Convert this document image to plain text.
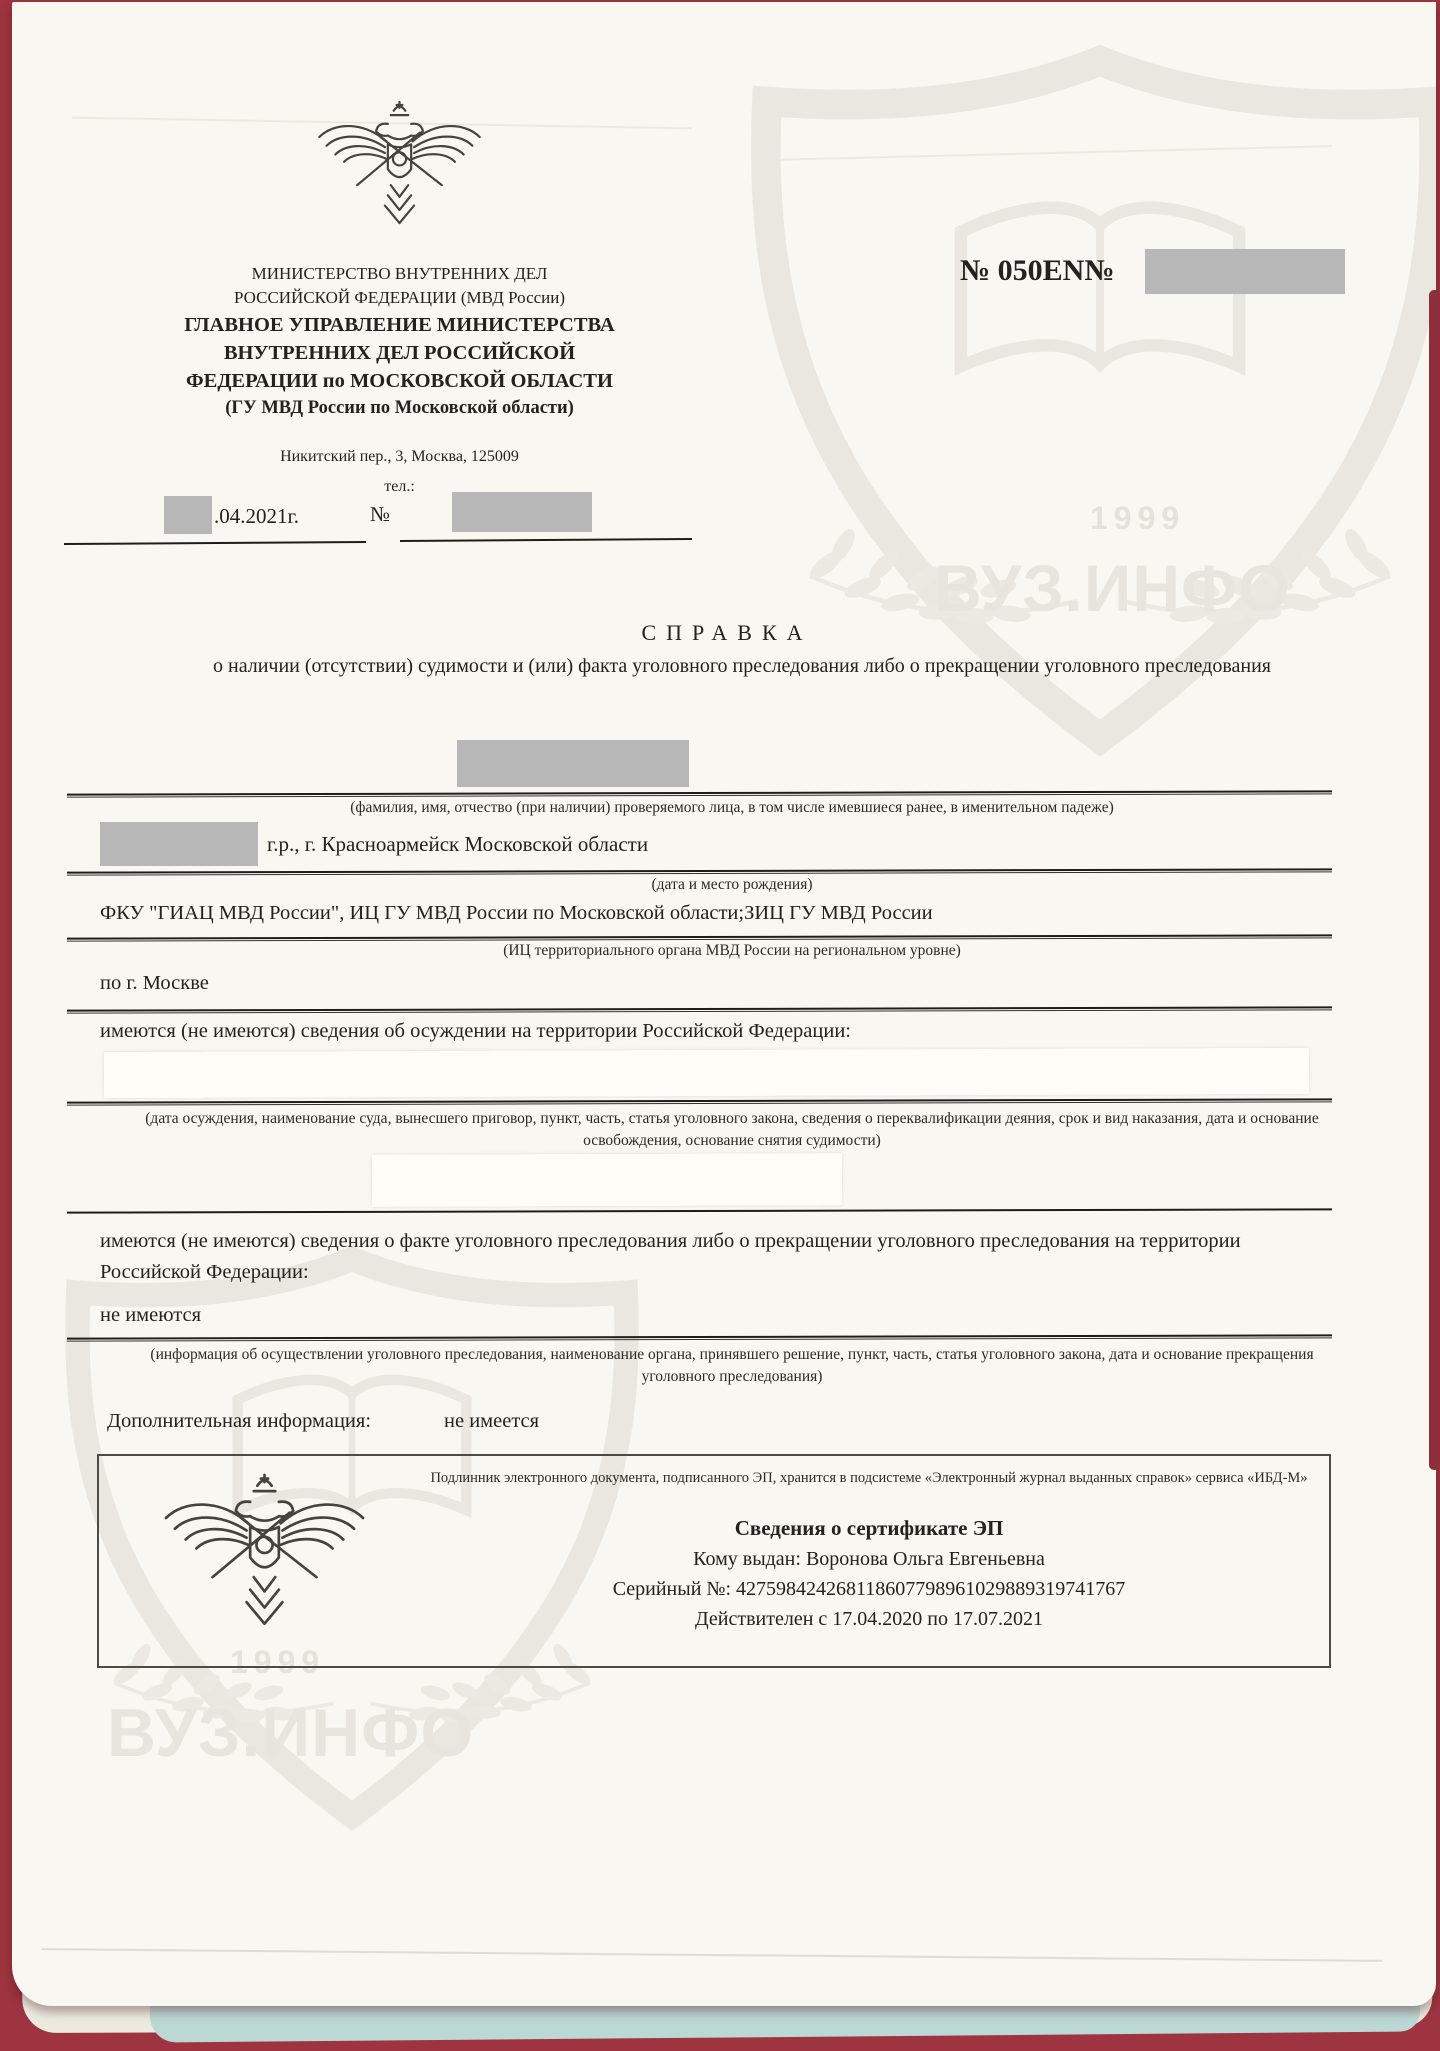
1999
ВУЗ.ИНФО
1999
ВУЗ.ИНФО
МИНИСТЕРСТВО ВНУТРЕННИХ ДЕЛ
РОССИЙСКОЙ ФЕДЕРАЦИИ (МВД России)
ГЛАВНОЕ УПРАВЛЕНИЕ МИНИСТЕРСТВА
ВНУТРЕННИХ ДЕЛ РОССИЙСКОЙ
ФЕДЕРАЦИИ по МОСКОВСКОЙ ОБЛАСТИ
(ГУ МВД России по Московской области)
Никитский пер., 3, Москва, 125009
тел.:
.04.2021г.	№
№ 050EN№
СПРАВКА
о наличии (отсутствии) судимости и (или) факта уголовного преследования либо о прекращении уголовного преследования
(фамилия, имя, отчество (при наличии) проверяемого лица, в том числе имевшиеся ранее, в именительном падеже)
г.р., г. Красноармейск Московской области
(дата и место рождения)
ФКУ "ГИАЦ МВД России", ИЦ ГУ МВД России по Московской области;ЗИЦ ГУ МВД России
(ИЦ территориального органа МВД России на региональном уровне)
по г. Москве
имеются (не имеются) сведения об осуждении на территории Российской Федерации:
(дата осуждения, наименование суда, вынесшего приговор, пункт, часть, статья уголовного закона, сведения о переквалификации деяния, срок и вид наказания, дата и основание освобождения, основание снятия судимости)
имеются (не имеются) сведения о факте уголовного преследования либо о прекращении уголовного преследования на территории Российской Федерации:
не имеются
(информация об осуществлении уголовного преследования, наименование органа, принявшего решение, пункт, часть, статья уголовного закона, дата и основание прекращения уголовного преследования)
Дополнительная информация:	не имеется
Подлинник электронного документа, подписанного ЭП, хранится в подсистеме «Электронный журнал выданных справок» сервиса «ИБД-М»
Сведения о сертификате ЭП
Кому выдан: Воронова Ольга Евгеньевна
Серийный №: 427598424268118607798961029889319741767
Действителен с 17.04.2020 по 17.07.2021
